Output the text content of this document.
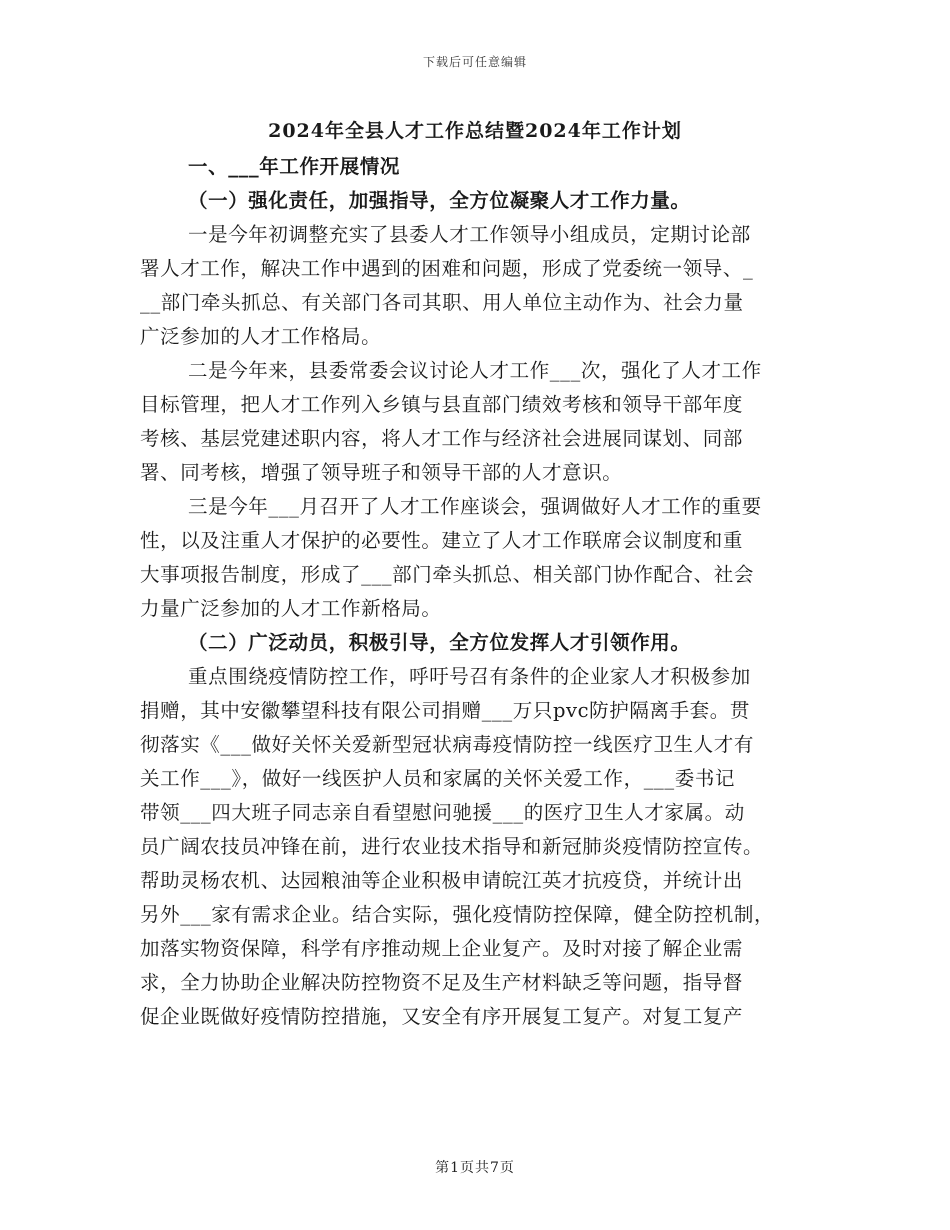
下载后可任意编辑
2024年全县人才工作总结暨2024年工作计划
一、___年工作开展情况
（一）强化责任，加强指导，全方位凝聚人才工作力量。
一是今年初调整充实了县委人才工作领导小组成员，定期讨论部
署人才工作，解决工作中遇到的困难和问题，形成了党委统一领导、_
__部门牵头抓总、有关部门各司其职、用人单位主动作为、社会力量
广泛参加的人才工作格局。
二是今年来，县委常委会议讨论人才工作___次，强化了人才工作
目标管理，把人才工作列入乡镇与县直部门绩效考核和领导干部年度
考核、基层党建述职内容，将人才工作与经济社会进展同谋划、同部
署、同考核，增强了领导班子和领导干部的人才意识。
三是今年___月召开了人才工作座谈会，强调做好人才工作的重要
性，以及注重人才保护的必要性。建立了人才工作联席会议制度和重
大事项报告制度，形成了___部门牵头抓总、相关部门协作配合、社会
力量广泛参加的人才工作新格局。
（二）广泛动员，积极引导，全方位发挥人才引领作用。
重点围绕疫情防控工作，呼吁号召有条件的企业家人才积极参加
捐赠，其中安徽攀望科技有限公司捐赠___万只pvc防护隔离手套。贯
彻落实《___做好关怀关爱新型冠状病毒疫情防控一线医疗卫生人才有
关工作___》，做好一线医护人员和家属的关怀关爱工作，___委书记
带领___四大班子同志亲自看望慰问驰援___的医疗卫生人才家属。动
员广阔农技员冲锋在前，进行农业技术指导和新冠肺炎疫情防控宣传。
帮助灵杨农机、达园粮油等企业积极申请皖江英才抗疫贷，并统计出
另外___家有需求企业。结合实际，强化疫情防控保障，健全防控机制，
加落实物资保障，科学有序推动规上企业复产。及时对接了解企业需
求，全力协助企业解决防控物资不足及生产材料缺乏等问题，指导督
促企业既做好疫情防控措施，又安全有序开展复工复产。对复工复产
第1页共7页
